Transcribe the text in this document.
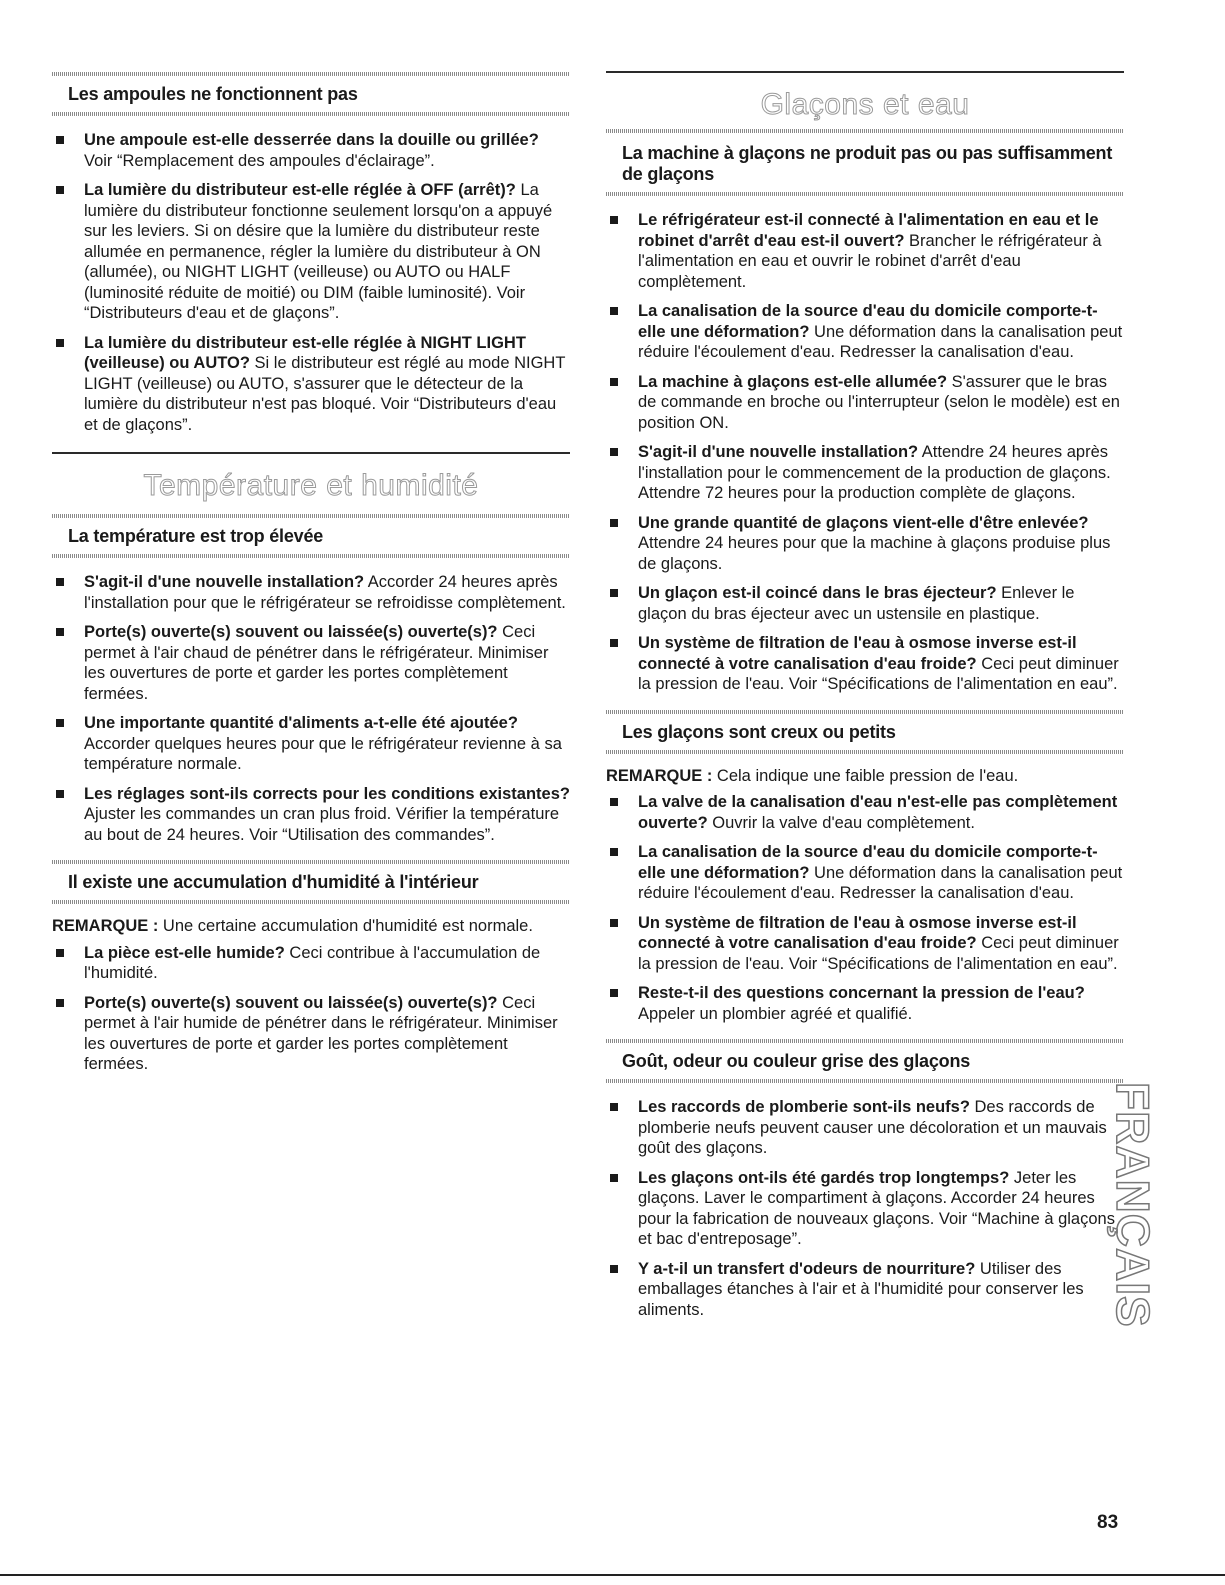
Les ampoules ne fonctionnent pas
Une ampoule est-elle desserrée dans la douille ou grillée? Voir “Remplacement des ampoules d'éclairage”.
La lumière du distributeur est-elle réglée à OFF (arrêt)? La lumière du distributeur fonctionne seulement lorsqu'on a appuyé sur les leviers. Si on désire que la lumière du distributeur reste allumée en permanence, régler la lumière du distributeur à ON (allumée), ou NIGHT LIGHT (veilleuse) ou AUTO ou HALF (luminosité réduite de moitié) ou DIM (faible luminosité). Voir “Distributeurs d'eau et de glaçons”.
La lumière du distributeur est-elle réglée à NIGHT LIGHT (veilleuse) ou AUTO? Si le distributeur est réglé au mode NIGHT LIGHT (veilleuse) ou AUTO, s'assurer que le détecteur de la lumière du distributeur n'est pas bloqué. Voir “Distributeurs d'eau et de glaçons”.
Température et humidité
La température est trop élevée
S'agit-il d'une nouvelle installation? Accorder 24 heures après l'installation pour que le réfrigérateur se refroidisse complètement.
Porte(s) ouverte(s) souvent ou laissée(s) ouverte(s)? Ceci permet à l'air chaud de pénétrer dans le réfrigérateur. Minimiser les ouvertures de porte et garder les portes complètement fermées.
Une importante quantité d'aliments a-t-elle été ajoutée? Accorder quelques heures pour que le réfrigérateur revienne à sa température normale.
Les réglages sont-ils corrects pour les conditions existantes? Ajuster les commandes un cran plus froid. Vérifier la température au bout de 24 heures. Voir “Utilisation des commandes”.
Il existe une accumulation d'humidité à l'intérieur
REMARQUE : Une certaine accumulation d'humidité est normale.
La pièce est-elle humide? Ceci contribue à l'accumulation de l'humidité.
Porte(s) ouverte(s) souvent ou laissée(s) ouverte(s)? Ceci permet à l'air humide de pénétrer dans le réfrigérateur. Minimiser les ouvertures de porte et garder les portes complètement fermées.
Glaçons et eau
La machine à glaçons ne produit pas ou pas suffisamment de glaçons
Le réfrigérateur est-il connecté à l'alimentation en eau et le robinet d'arrêt d'eau est-il ouvert? Brancher le réfrigérateur à l'alimentation en eau et ouvrir le robinet d'arrêt d'eau complètement.
La canalisation de la source d'eau du domicile comporte-t-elle une déformation? Une déformation dans la canalisation peut réduire l'écoulement d'eau. Redresser la canalisation d'eau.
La machine à glaçons est-elle allumée? S'assurer que le bras de commande en broche ou l'interrupteur (selon le modèle) est en position ON.
S'agit-il d'une nouvelle installation? Attendre 24 heures après l'installation pour le commencement de la production de glaçons. Attendre 72 heures pour la production complète de glaçons.
Une grande quantité de glaçons vient-elle d'être enlevée? Attendre 24 heures pour que la machine à glaçons produise plus de glaçons.
Un glaçon est-il coincé dans le bras éjecteur? Enlever le glaçon du bras éjecteur avec un ustensile en plastique.
Un système de filtration de l'eau à osmose inverse est-il connecté à votre canalisation d'eau froide? Ceci peut diminuer la pression de l'eau. Voir “Spécifications de l'alimentation en eau”.
Les glaçons sont creux ou petits
REMARQUE : Cela indique une faible pression de l'eau.
La valve de la canalisation d'eau n'est-elle pas complètement ouverte? Ouvrir la valve d'eau complètement.
La canalisation de la source d'eau du domicile comporte-t-elle une déformation? Une déformation dans la canalisation peut réduire l'écoulement d'eau. Redresser la canalisation d'eau.
Un système de filtration de l'eau à osmose inverse est-il connecté à votre canalisation d'eau froide? Ceci peut diminuer la pression de l'eau. Voir “Spécifications de l'alimentation en eau”.
Reste-t-il des questions concernant la pression de l'eau? Appeler un plombier agréé et qualifié.
Goût, odeur ou couleur grise des glaçons
Les raccords de plomberie sont-ils neufs? Des raccords de plomberie neufs peuvent causer une décoloration et un mauvais goût des glaçons.
Les glaçons ont-ils été gardés trop longtemps? Jeter les glaçons. Laver le compartiment à glaçons. Accorder 24 heures pour la fabrication de nouveaux glaçons. Voir “Machine à glaçons et bac d'entreposage”.
Y a-t-il un transfert d'odeurs de nourriture? Utiliser des emballages étanches à l'air et à l'humidité pour conserver les aliments.	FRANÇAIS
83
